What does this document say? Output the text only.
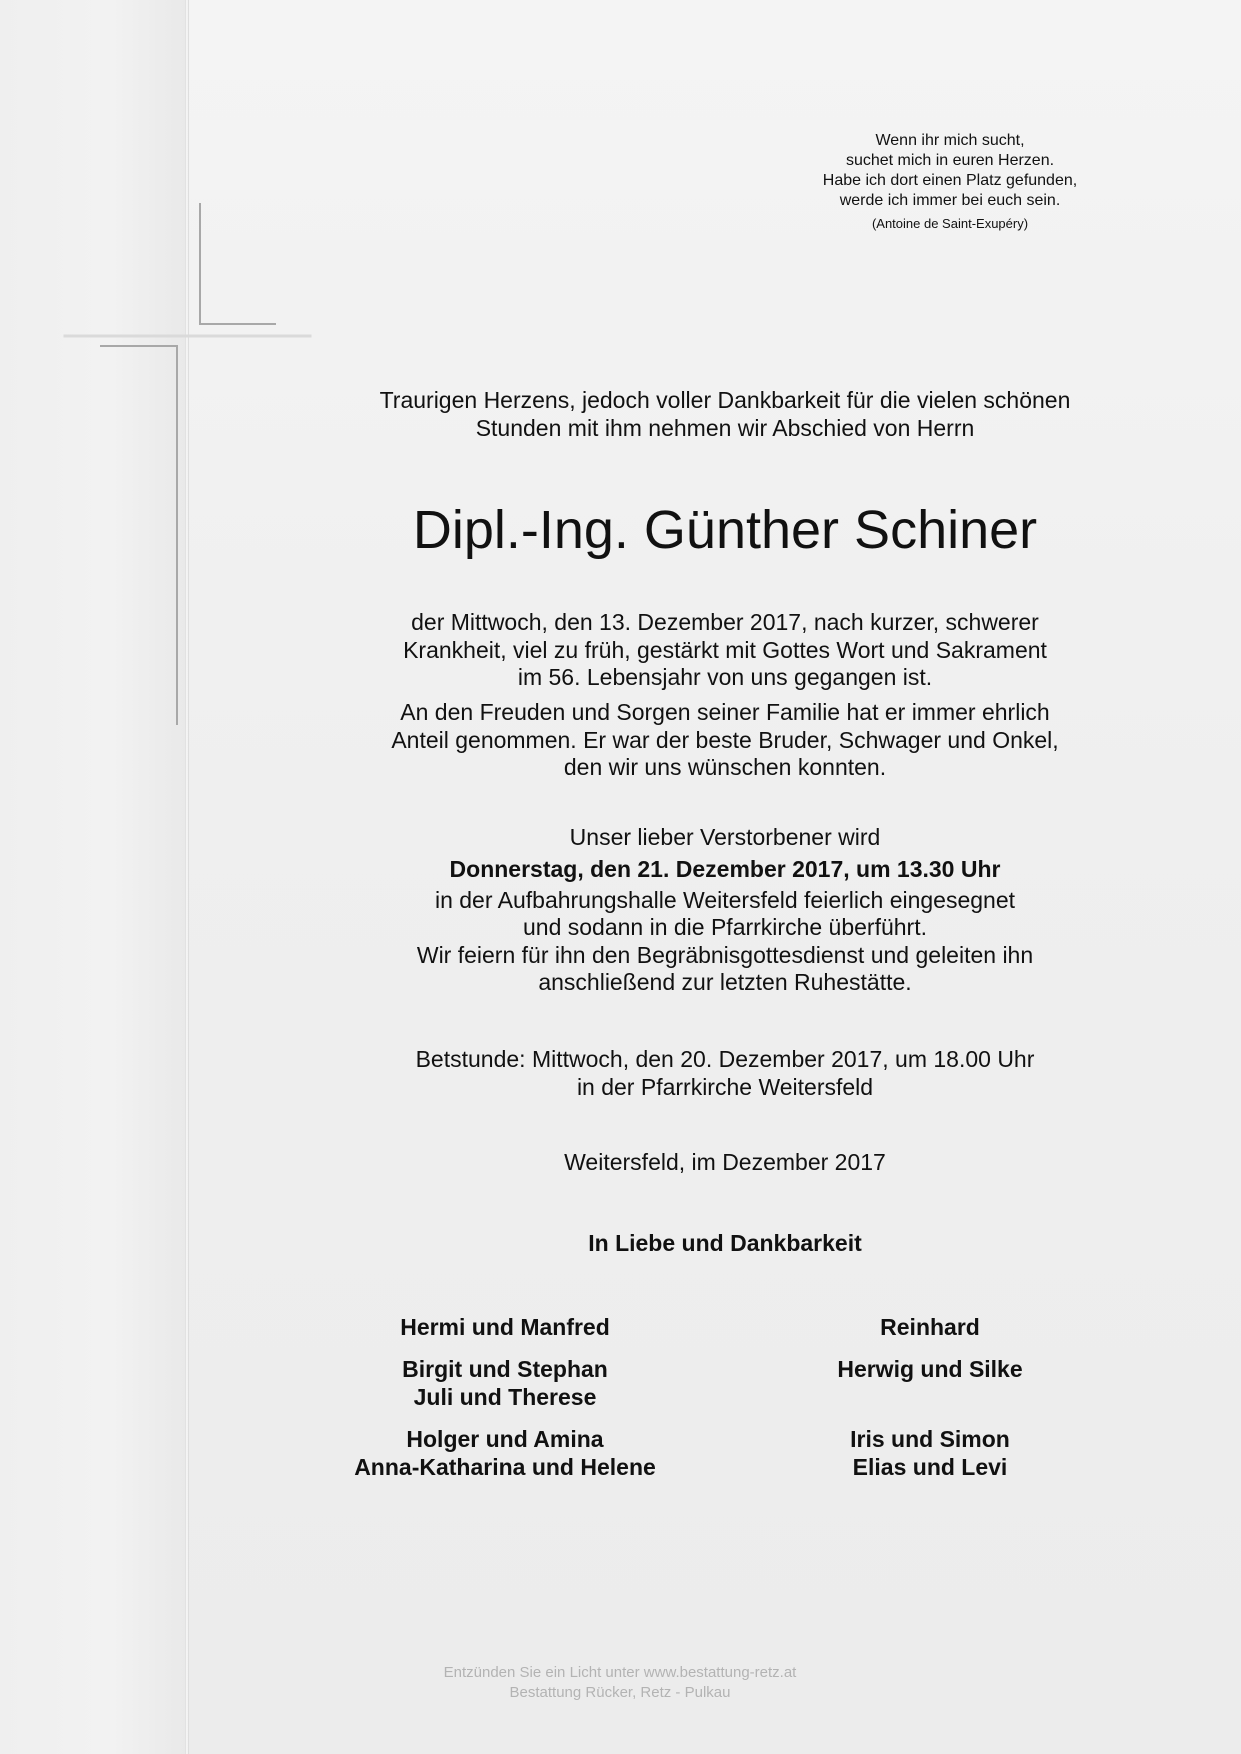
Wenn ihr mich sucht,
suchet mich in euren Herzen.
Habe ich dort einen Platz gefunden,
werde ich immer bei euch sein.
(Antoine de Saint-Exupéry)
Traurigen Herzens, jedoch voller Dankbarkeit für die vielen schönen
Stunden mit ihm nehmen wir Abschied von Herrn
Dipl.-Ing. Günther Schiner
der Mittwoch, den 13. Dezember 2017, nach kurzer, schwerer
Krankheit, viel zu früh, gestärkt mit Gottes Wort und Sakrament
im 56. Lebensjahr von uns gegangen ist.
An den Freuden und Sorgen seiner Familie hat er immer ehrlich
Anteil genommen. Er war der beste Bruder, Schwager und Onkel,
den wir uns wünschen konnten.
Unser lieber Verstorbener wird
Donnerstag, den 21. Dezember 2017, um 13.30 Uhr
in der Aufbahrungshalle Weitersfeld feierlich eingesegnet
und sodann in die Pfarrkirche überführt.
Wir feiern für ihn den Begräbnisgottesdienst und geleiten ihn
anschließend zur letzten Ruhestätte.
Betstunde: Mittwoch, den 20. Dezember 2017, um 18.00 Uhr
in der Pfarrkirche Weitersfeld
Weitersfeld, im Dezember 2017
In Liebe und Dankbarkeit
Hermi und Manfred
Birgit und Stephan
Juli und Therese
Holger und Amina
Anna-Katharina und Helene
Reinhard
Herwig und Silke
Iris und Simon
Elias und Levi
Entzünden Sie ein Licht unter www.bestattung-retz.at
Bestattung Rücker, Retz - Pulkau
